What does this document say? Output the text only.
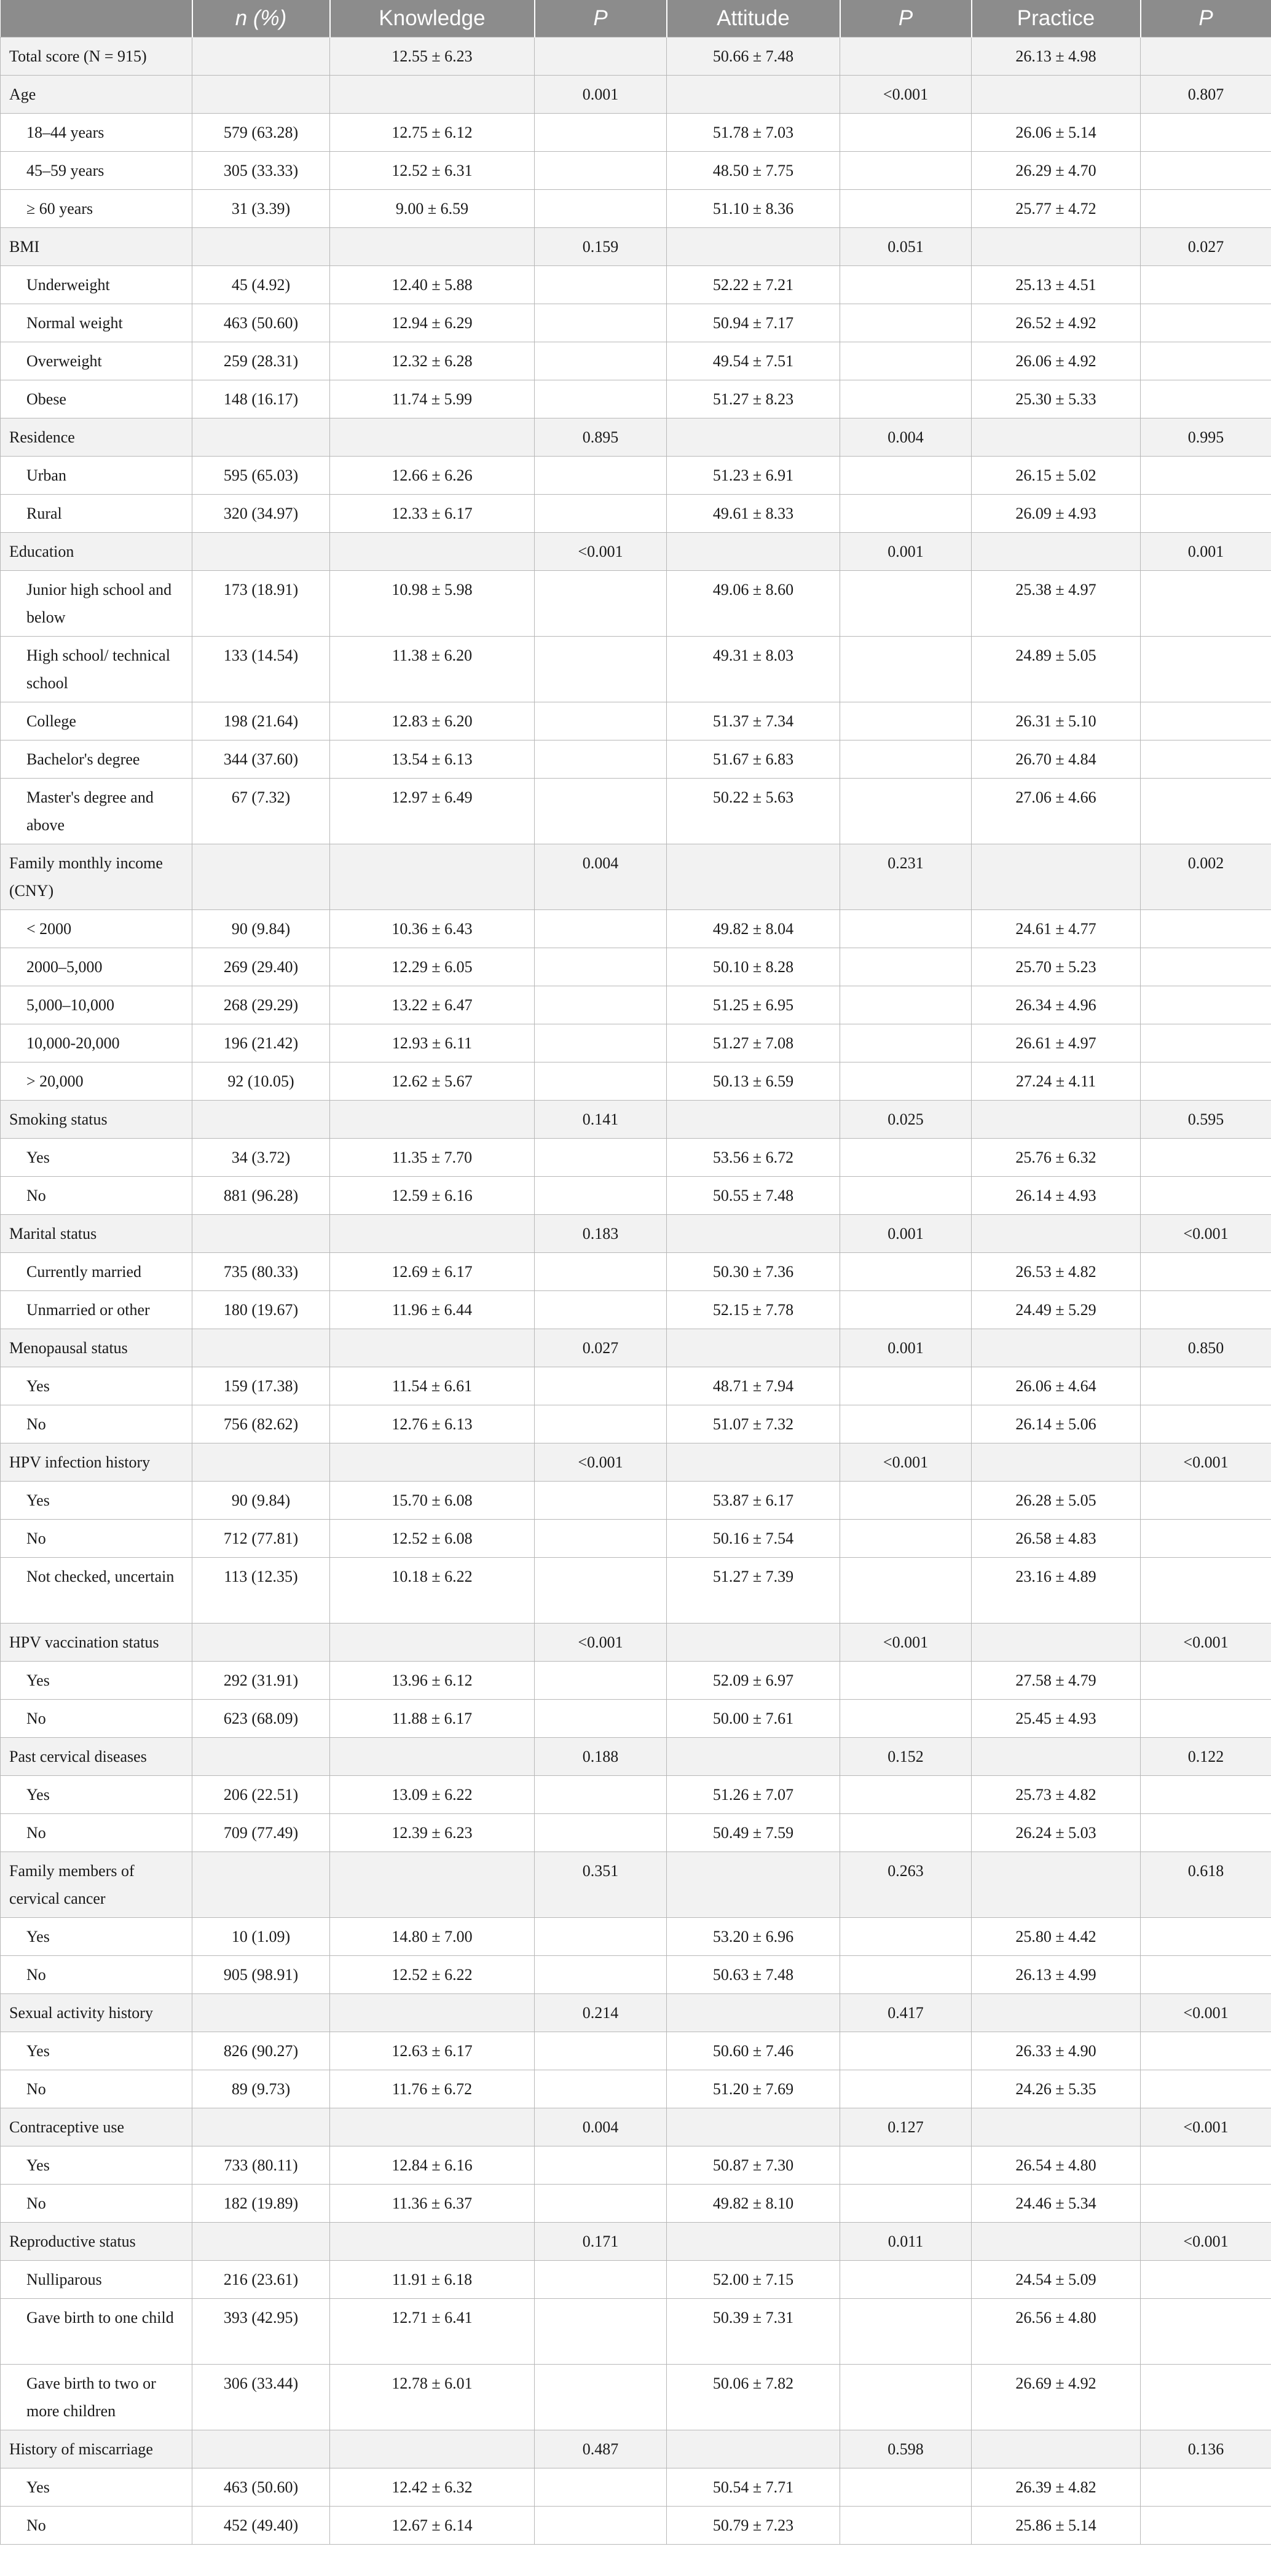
	n (%)	Knowledge	P	Attitude	P	Practice	P
Total score (N = 915)		12.55 ± 6.23		50.66 ± 7.48		26.13 ± 4.98	
Age			0.001		<0.001		0.807
18–44 years	579 (63.28)	12.75 ± 6.12		51.78 ± 7.03		26.06 ± 5.14	
45–59 years	305 (33.33)	12.52 ± 6.31		48.50 ± 7.75		26.29 ± 4.70	
≥ 60 years	31 (3.39)	9.00 ± 6.59		51.10 ± 8.36		25.77 ± 4.72	
BMI			0.159		0.051		0.027
Underweight	45 (4.92)	12.40 ± 5.88		52.22 ± 7.21		25.13 ± 4.51	
Normal weight	463 (50.60)	12.94 ± 6.29		50.94 ± 7.17		26.52 ± 4.92	
Overweight	259 (28.31)	12.32 ± 6.28		49.54 ± 7.51		26.06 ± 4.92	
Obese	148 (16.17)	11.74 ± 5.99		51.27 ± 8.23		25.30 ± 5.33	
Residence			0.895		0.004		0.995
Urban	595 (65.03)	12.66 ± 6.26		51.23 ± 6.91		26.15 ± 5.02	
Rural	320 (34.97)	12.33 ± 6.17		49.61 ± 8.33		26.09 ± 4.93	
Education			<0.001		0.001		0.001
Junior high school and below	173 (18.91)	10.98 ± 5.98		49.06 ± 8.60		25.38 ± 4.97	
High school/ technical school	133 (14.54)	11.38 ± 6.20		49.31 ± 8.03		24.89 ± 5.05	
College	198 (21.64)	12.83 ± 6.20		51.37 ± 7.34		26.31 ± 5.10	
Bachelor's degree	344 (37.60)	13.54 ± 6.13		51.67 ± 6.83		26.70 ± 4.84	
Master's degree and above	67 (7.32)	12.97 ± 6.49		50.22 ± 5.63		27.06 ± 4.66	
Family monthly income (CNY)			0.004		0.231		0.002
< 2000	90 (9.84)	10.36 ± 6.43		49.82 ± 8.04		24.61 ± 4.77	
2000–5,000	269 (29.40)	12.29 ± 6.05		50.10 ± 8.28		25.70 ± 5.23	
5,000–10,000	268 (29.29)	13.22 ± 6.47		51.25 ± 6.95		26.34 ± 4.96	
10,000-20,000	196 (21.42)	12.93 ± 6.11		51.27 ± 7.08		26.61 ± 4.97	
> 20,000	92 (10.05)	12.62 ± 5.67		50.13 ± 6.59		27.24 ± 4.11	
Smoking status			0.141		0.025		0.595
Yes	34 (3.72)	11.35 ± 7.70		53.56 ± 6.72		25.76 ± 6.32	
No	881 (96.28)	12.59 ± 6.16		50.55 ± 7.48		26.14 ± 4.93	
Marital status			0.183		0.001		<0.001
Currently married	735 (80.33)	12.69 ± 6.17		50.30 ± 7.36		26.53 ± 4.82	
Unmarried or other	180 (19.67)	11.96 ± 6.44		52.15 ± 7.78		24.49 ± 5.29	
Menopausal status			0.027		0.001		0.850
Yes	159 (17.38)	11.54 ± 6.61		48.71 ± 7.94		26.06 ± 4.64	
No	756 (82.62)	12.76 ± 6.13		51.07 ± 7.32		26.14 ± 5.06	
HPV infection history			<0.001		<0.001		<0.001
Yes	90 (9.84)	15.70 ± 6.08		53.87 ± 6.17		26.28 ± 5.05	
No	712 (77.81)	12.52 ± 6.08		50.16 ± 7.54		26.58 ± 4.83	
Not checked, uncertain	113 (12.35)	10.18 ± 6.22		51.27 ± 7.39		23.16 ± 4.89	
HPV vaccination status			<0.001		<0.001		<0.001
Yes	292 (31.91)	13.96 ± 6.12		52.09 ± 6.97		27.58 ± 4.79	
No	623 (68.09)	11.88 ± 6.17		50.00 ± 7.61		25.45 ± 4.93	
Past cervical diseases			0.188		0.152		0.122
Yes	206 (22.51)	13.09 ± 6.22		51.26 ± 7.07		25.73 ± 4.82	
No	709 (77.49)	12.39 ± 6.23		50.49 ± 7.59		26.24 ± 5.03	
Family members of cervical cancer			0.351		0.263		0.618
Yes	10 (1.09)	14.80 ± 7.00		53.20 ± 6.96		25.80 ± 4.42	
No	905 (98.91)	12.52 ± 6.22		50.63 ± 7.48		26.13 ± 4.99	
Sexual activity history			0.214		0.417		<0.001
Yes	826 (90.27)	12.63 ± 6.17		50.60 ± 7.46		26.33 ± 4.90	
No	89 (9.73)	11.76 ± 6.72		51.20 ± 7.69		24.26 ± 5.35	
Contraceptive use			0.004		0.127		<0.001
Yes	733 (80.11)	12.84 ± 6.16		50.87 ± 7.30		26.54 ± 4.80	
No	182 (19.89)	11.36 ± 6.37		49.82 ± 8.10		24.46 ± 5.34	
Reproductive status			0.171		0.011		<0.001
Nulliparous	216 (23.61)	11.91 ± 6.18		52.00 ± 7.15		24.54 ± 5.09	
Gave birth to one child	393 (42.95)	12.71 ± 6.41		50.39 ± 7.31		26.56 ± 4.80	
Gave birth to two or more children	306 (33.44)	12.78 ± 6.01		50.06 ± 7.82		26.69 ± 4.92	
History of miscarriage			0.487		0.598		0.136
Yes	463 (50.60)	12.42 ± 6.32		50.54 ± 7.71		26.39 ± 4.82	
No	452 (49.40)	12.67 ± 6.14		50.79 ± 7.23		25.86 ± 5.14	
